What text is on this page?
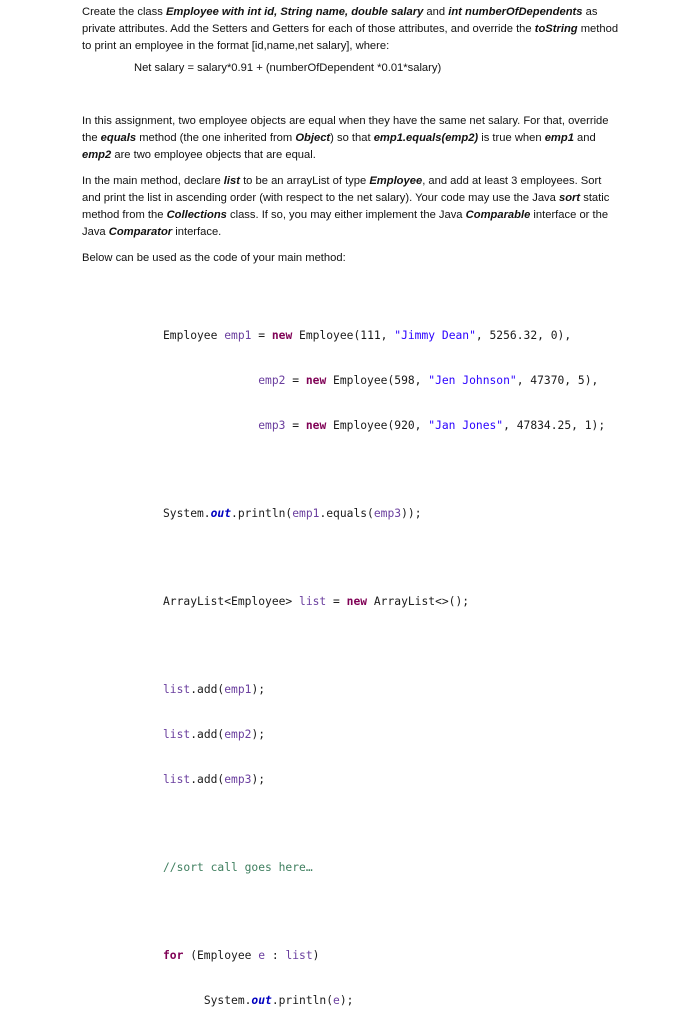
Create the class Employee with int id, String name, double salary and int numberOfDependents as private attributes. Add the Setters and Getters for each of those attributes, and override the toString method to print an employee in the format [id,name,net salary], where:

Net salary = salary*0.91 + (numberOfDependent *0.01*salary)

In this assignment, two employee objects are equal when they have the same net salary. For that, override the equals method (the one inherited from Object) so that emp1.equals(emp2) is true when emp1 and emp2 are two employee objects that are equal.

In the main method, declare list to be an arrayList of type Employee, and add at least 3 employees. Sort and print the list in ascending order (with respect to the net salary). Your code may use the Java sort static method from the Collections class. If so, you may either implement the Java Comparable interface or the Java Comparator interface.

Below can be used as the code of your main method:

Employee emp1 = new Employee(111, "Jimmy Dean", 5256.32, 0),

emp2 = new Employee(598, "Jen Johnson", 47370, 5),

emp3 = new Employee(920, "Jan Jones", 47834.25, 1);

System.out.println(emp1.equals(emp3));

ArrayList<Employee> list = new ArrayList<>();

list.add(emp1);

list.add(emp2);

list.add(emp3);

//sort call goes here…

for (Employee e : list)

System.out.println(e);
